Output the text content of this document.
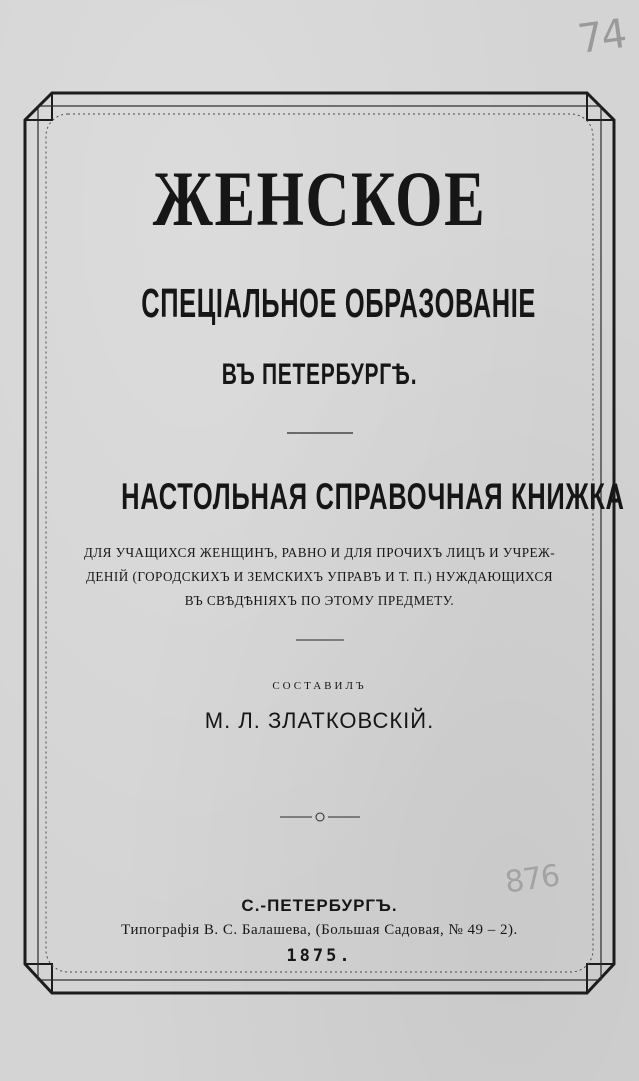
74
876
ЖЕНСКОЕ
СПЕЦІАЛЬНОЕ ОБРАЗОВАНІЕ
ВЪ ПЕТЕРБУРГѢ.
НАСТОЛЬНАЯ СПРАВОЧНАЯ КНИЖКА
ДЛЯ УЧАЩИХСЯ ЖЕНЩИНЪ, РАВНО И ДЛЯ ПРОЧИХЪ ЛИЦЪ И УЧРЕЖ-
ДЕНІЙ (ГОРОДСКИХЪ И ЗЕМСКИХЪ УПРАВЪ И Т. П.) НУЖДАЮЩИХСЯ
ВЪ СВѢДѢНІЯХЪ ПО ЭТОМУ ПРЕДМЕТУ.
СОСТАВИЛЪ
М. Л. ЗЛАТКОВСКІЙ.
С.-ПЕТЕРБУРГЪ.
Типографія В. С. Балашева, (Большая Садовая, № 49 – 2).
1875.
